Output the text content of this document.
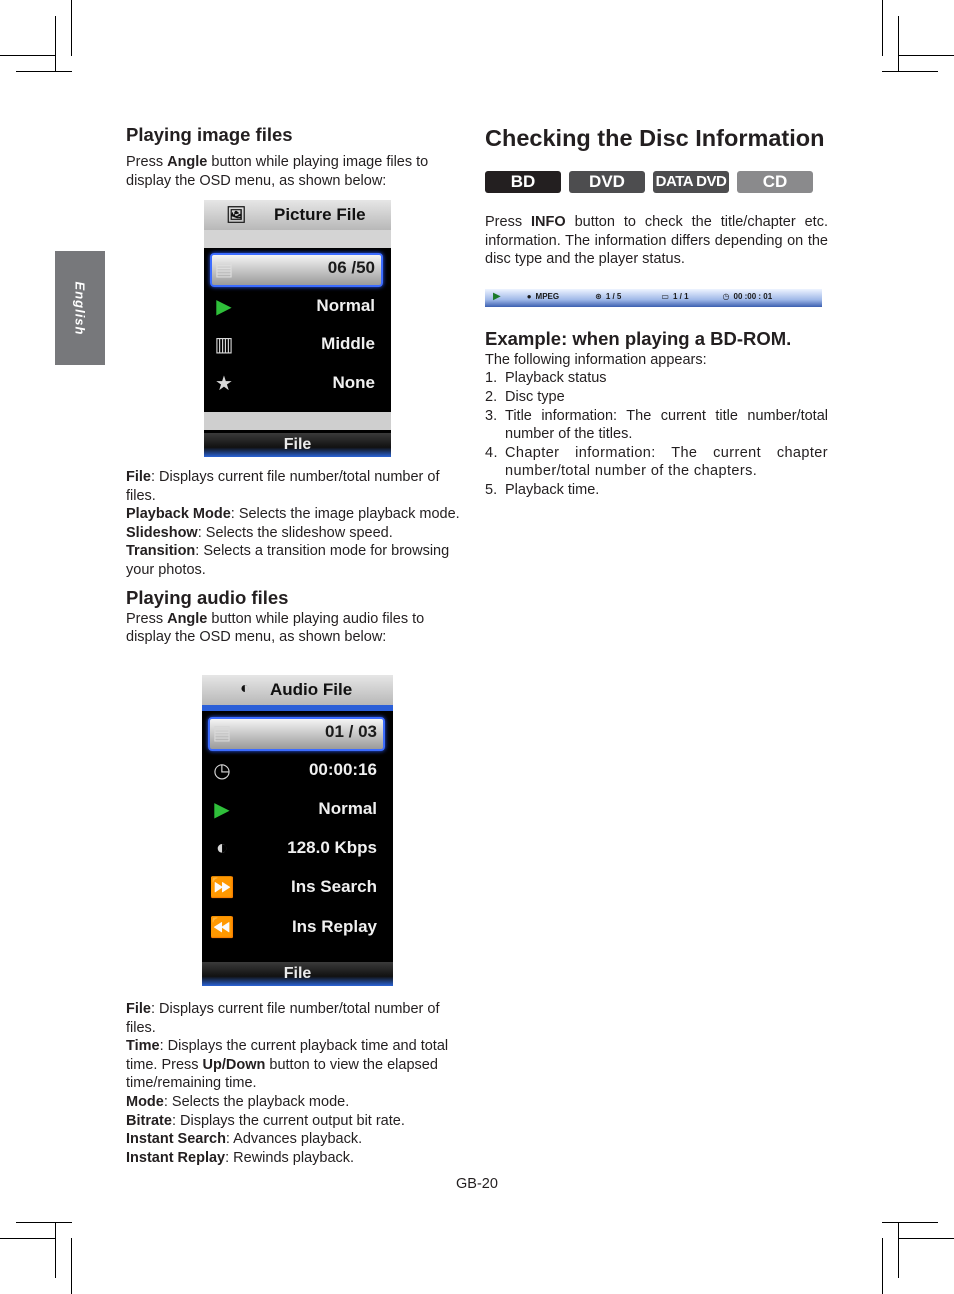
English
Playing image files

Press Angle button while playing image files to display the OSD menu, as shown below:

🖼 Picture File
▤	06 /50
▶	Normal
▥	Middle
★	None
File

File: Displays current file number/total number of files.

Playback Mode: Selects the image playback mode.

Slideshow: Selects the slideshow speed.

Transition: Selects a transition mode for browsing your photos.

Playing audio files

Press Angle button while playing audio files to display the OSD menu, as shown below:

◐ Audio File
▤	01 / 03
◷	00:00:16
▶	Normal
◐	128.0 Kbps
⏩	Ins Search
⏪	Ins Replay
File

File: Displays current file number/total number of files.

Time: Displays the current playback time and total time. Press Up/Down button to view the elapsed time/remaining time.

Mode: Selects the playback mode.

Bitrate: Displays the current output bit rate.

Instant Search: Advances playback.

Instant Replay: Rewinds playback.

Checking the Disc Information
BD	DVD	DATA DVD	CD

Press INFO button to check the title/chapter etc. information. The information differs depending on the disc type and the player status.

▶	● MPEG	⊛ 1 / 5	▭ 1 / 1	◷ 00 :00 : 01
Example: when playing a BD-ROM.

The following information appears:

1. Playback status
2. Disc type
3. Title information: The current title number/total number of the titles.
4. Chapter information: The current chapter number/total number of the chapters.
5. Playback time.
GB-20
